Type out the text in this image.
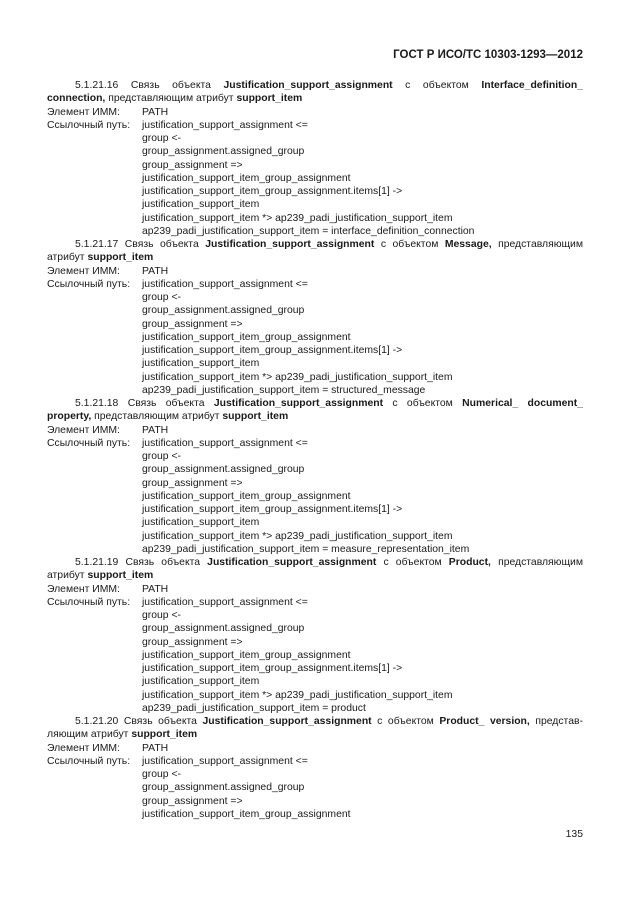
ГОСТ Р ИСО/ТС 10303-1293—2012
5.1.21.16 Связь объекта Justification_support_assignment с объектом Interface_definition_
connection, представляющим атрибут support_item
Элемент ИММ: PATH
Ссылочный путь: justification_support_assignment <=
group <-
group_assignment.assigned_group
group_assignment =>
justification_support_item_group_assignment
justification_support_item_group_assignment.items[1] ->
justification_support_item
justification_support_item *> ap239_padi_justification_support_item
ap239_padi_justification_support_item = interface_definition_connection
5.1.21.17 Связь объекта Justification_support_assignment с объектом Message, представляющим
атрибут support_item
Элемент ИММ: PATH
Ссылочный путь: justification_support_assignment <=
group <-
group_assignment.assigned_group
group_assignment =>
justification_support_item_group_assignment
justification_support_item_group_assignment.items[1] ->
justification_support_item
justification_support_item *> ap239_padi_justification_support_item
ap239_padi_justification_support_item = structured_message
5.1.21.18 Связь объекта Justification_support_assignment с объектом Numerical_ document_
property, представляющим атрибут support_item
Элемент ИММ: PATH
Ссылочный путь: justification_support_assignment <=
group <-
group_assignment.assigned_group
group_assignment =>
justification_support_item_group_assignment
justification_support_item_group_assignment.items[1] ->
justification_support_item
justification_support_item *> ap239_padi_justification_support_item
ap239_padi_justification_support_item = measure_representation_item
5.1.21.19 Связь объекта Justification_support_assignment с объектом Product, представляющим
атрибут support_item
Элемент ИММ: PATH
Ссылочный путь: justification_support_assignment <=
group <-
group_assignment.assigned_group
group_assignment =>
justification_support_item_group_assignment
justification_support_item_group_assignment.items[1] ->
justification_support_item
justification_support_item *> ap239_padi_justification_support_item
ap239_padi_justification_support_item = product
5.1.21.20 Связь объекта Justification_support_assignment с объектом Product_ version, представ-
ляющим атрибут support_item
Элемент ИММ: PATH
Ссылочный путь: justification_support_assignment <=
group <-
group_assignment.assigned_group
group_assignment =>
justification_support_item_group_assignment
135
